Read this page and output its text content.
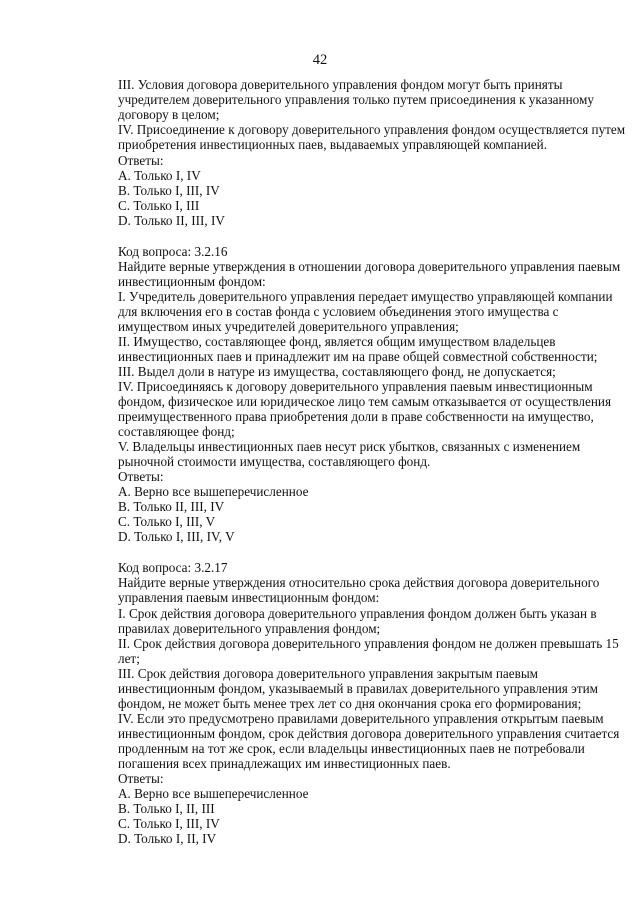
42
III. Условия договора доверительного управления фондом могут быть приняты
учредителем доверительного управления только путем присоединения к указанному
договору в целом;
IV. Присоединение к договору доверительного управления фондом осуществляется путем
приобретения инвестиционных паев, выдаваемых управляющей компанией.
Ответы:
A. Только I, IV
B. Только I, III, IV
C. Только I, III
D. Только II, III, IV
Код вопроса: 3.2.16
Найдите верные утверждения в отношении договора доверительного управления паевым
инвестиционным фондом:
I. Учредитель доверительного управления передает имущество управляющей компании
для включения его в состав фонда с условием объединения этого имущества с
имуществом иных учредителей доверительного управления;
II. Имущество, составляющее фонд, является общим имуществом владельцев
инвестиционных паев и принадлежит им на праве общей совместной собственности;
III. Выдел доли в натуре из имущества, составляющего фонд, не допускается;
IV. Присоединяясь к договору доверительного управления паевым инвестиционным
фондом, физическое или юридическое лицо тем самым отказывается от осуществления
преимущественного права приобретения доли в праве собственности на имущество,
составляющее фонд;
V. Владельцы инвестиционных паев несут риск убытков, связанных с изменением
рыночной стоимости имущества, составляющего фонд.
Ответы:
A. Верно все вышеперечисленное
B. Только II, III, IV
C. Только I, III, V
D. Только I, III, IV, V
Код вопроса: 3.2.17
Найдите верные утверждения относительно срока действия договора доверительного
управления паевым инвестиционным фондом:
I. Срок действия договора доверительного управления фондом должен быть указан в
правилах доверительного управления фондом;
II. Срок действия договора доверительного управления фондом не должен превышать 15
лет;
III. Срок действия договора доверительного управления закрытым паевым
инвестиционным фондом, указываемый в правилах доверительного управления этим
фондом, не может быть менее трех лет со дня окончания срока его формирования;
IV. Если это предусмотрено правилами доверительного управления открытым паевым
инвестиционным фондом, срок действия договора доверительного управления считается
продленным на тот же срок, если владельцы инвестиционных паев не потребовали
погашения всех принадлежащих им инвестиционных паев.
Ответы:
A. Верно все вышеперечисленное
B. Только I, II, III
C. Только I, III, IV
D. Только I, II, IV
